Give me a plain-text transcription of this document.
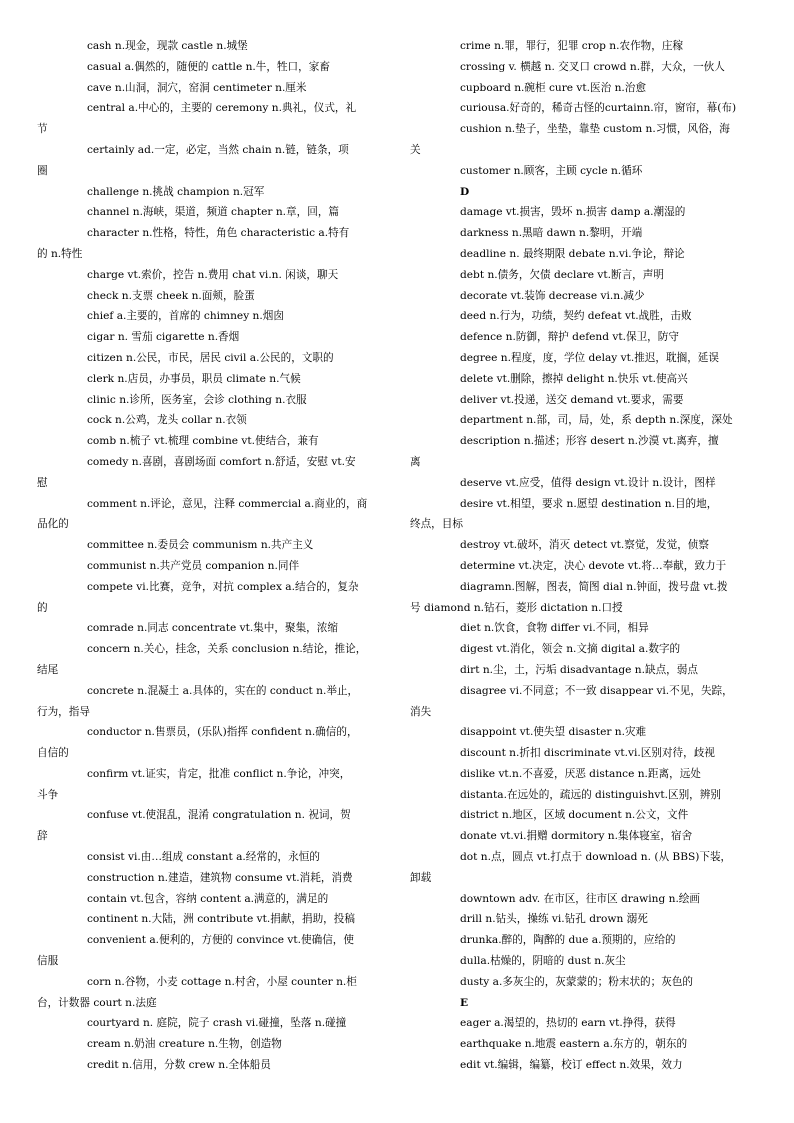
cash n.现金，现款 castle n.城堡
casual a.偶然的，随便的 cattle n.牛，牲口，家畜
cave n.山洞，洞穴，窑洞 centimeter n.厘米
central a.中心的，主要的 ceremony n.典礼，仪式，礼
节
certainly ad.一定，必定，当然 chain n.链，链条，项
圈
challenge n.挑战 champion n.冠军
channel n.海峡，渠道，频道 chapter n.章，回，篇
character n.性格，特性，角色 characteristic a.特有
的 n.特性
charge vt.索价，控告 n.费用 chat vi.n. 闲谈，聊天
check n.支票 cheek n.面颊，脸蛋
chief a.主要的，首席的 chimney n.烟囱
cigar n. 雪茄 cigarette n.香烟
citizen n.公民，市民，居民 civil a.公民的，文职的
clerk n.店员，办事员，职员 climate n.气候
clinic n.诊所，医务室，会诊 clothing n.衣服
cock n.公鸡，龙头 collar n.衣领
comb n.梳子 vt.梳理 combine vt.使结合，兼有
comedy n.喜剧，喜剧场面 comfort n.舒适，安慰 vt.安
慰
comment n.评论，意见，注释 commercial a.商业的，商
品化的
committee n.委员会 communism n.共产主义
communist n.共产党员 companion n.同伴
compete vi.比赛，竞争，对抗 complex a.结合的，复杂
的
comrade n.同志 concentrate vt.集中，聚集，浓缩
concern n.关心，挂念，关系 conclusion n.结论，推论，
结尾
concrete n.混凝土 a.具体的，实在的 conduct n.举止，
行为，指导
conductor n.售票员，(乐队)指挥 confident n.确信的，
自信的
confirm vt.证实，肯定，批准 conflict n.争论，冲突，
斗争
confuse vt.使混乱，混淆 congratulation n. 祝词，贺
辞
consist vi.由…组成 constant a.经常的，永恒的
construction n.建造，建筑物 consume vt.消耗，消费
contain vt.包含，容纳 content a.满意的，满足的
continent n.大陆，洲 contribute vt.捐献，捐助，投稿
convenient a.便利的，方便的 convince vt.使确信，使
信服
corn n.谷物，小麦 cottage n.村舍，小屋 counter n.柜
台，计数器 court n.法庭
courtyard n. 庭院，院子 crash vi.碰撞，坠落 n.碰撞
cream n.奶油 creature n.生物，创造物
credit n.信用，分数 crew n.全体船员
crime n.罪，罪行，犯罪 crop n.农作物，庄稼
crossing v. 横越 n. 交叉口 crowd n.群，大众，一伙人
cupboard n.碗柜 cure vt.医治 n.治愈
curiousa.好奇的，稀奇古怪的curtainn.帘，窗帘，幕(布)
cushion n.垫子，坐垫，靠垫 custom n.习惯，风俗，海
关
customer n.顾客，主顾 cycle n.循环
D
damage vt.损害，毁坏 n.损害 damp a.潮湿的
darkness n.黑暗 dawn n.黎明，开端
deadline n. 最终期限 debate n.vi.争论，辩论
debt n.债务，欠债 declare vt.断言，声明
decorate vt.装饰 decrease vi.n.减少
deed n.行为，功绩，契约 defeat vt.战胜，击败
defence n.防御，辩护 defend vt.保卫，防守
degree n.程度，度，学位 delay vt.推迟，耽搁，延误
delete vt.删除，擦掉 delight n.快乐 vt.使高兴
deliver vt.投递，送交 demand vt.要求，需要
department n.部，司，局，处，系 depth n.深度，深处
description n.描述；形容 desert n.沙漠 vt.离弃，擅
离
deserve vt.应受，值得 design vt.设计 n.设计，图样
desire vt.相望，要求 n.愿望 destination n.目的地，
终点，目标
destroy vt.破坏，消灭 detect vt.察觉，发觉，侦察
determine vt.决定，决心 devote vt.将…奉献，致力于
diagramn.图解，图表，简图 dial n.钟面，拨号盘 vt.拨
号 diamond n.钻石，菱形 dictation n.口授
diet n.饮食，食物 differ vi.不同，相异
digest vt.消化，领会 n.文摘 digital a.数字的
dirt n.尘，土，污垢 disadvantage n.缺点，弱点
disagree vi.不同意；不一致 disappear vi.不见，失踪，
消失
disappoint vt.使失望 disaster n.灾难
discount n.折扣 discriminate vt.vi.区别对待，歧视
dislike vt.n.不喜爱，厌恶 distance n.距离，远处
distanta.在远处的，疏远的 distinguishvt.区别，辨别
district n.地区，区域 document n.公文，文件
donate vt.vi.捐赠 dormitory n.集体寝室，宿舍
dot n.点，圆点 vt.打点于 download n. (从 BBS)下装，
卸载
downtown adv. 在市区，往市区 drawing n.绘画
drill n.钻头，操练 vi.钻孔 drown 溺死
drunka.醉的，陶醉的 due a.预期的，应给的
dulla.枯燥的，阴暗的 dust n.灰尘
dusty a.多灰尘的，灰蒙蒙的；粉末状的；灰色的
E
eager a.渴望的，热切的 earn vt.挣得，获得
earthquake n.地震 eastern a.东方的，朝东的
edit vt.编辑，编纂，校订 effect n.效果，效力
